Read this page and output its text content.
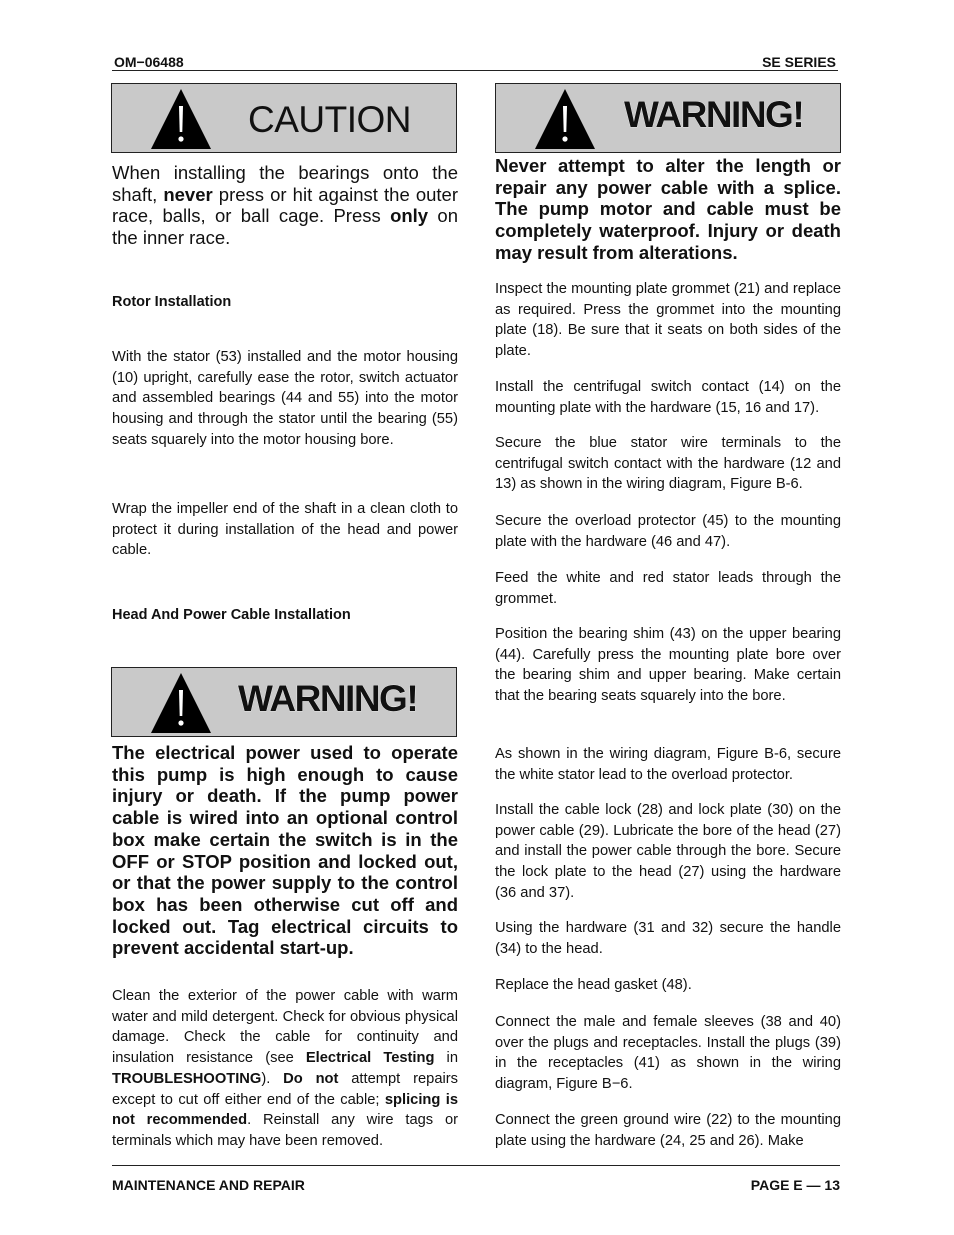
OM−06488	SE SERIES
CAUTION

When installing the bearings onto the shaft, never press or hit against the outer race, balls, or ball cage. Press only on the inner race.

Rotor Installation

With the stator (53) installed and the motor housing (10) upright, carefully ease the rotor, switch actuator and assembled bearings (44 and 55) into the motor housing and through the stator until the bearing (55) seats squarely into the motor housing bore.

Wrap the impeller end of the shaft in a clean cloth to protect it during installation of the head and power cable.

Head And Power Cable Installation

WARNING!

The electrical power used to operate this pump is high enough to cause injury or death. If the pump power cable is wired into an optional control box make certain the switch is in the OFF or STOP position and locked out, or that the power supply to the control box has been otherwise cut off and locked out. Tag electrical circuits to prevent accidental start-up.

Clean the exterior of the power cable with warm water and mild detergent. Check for obvious physical damage. Check the cable for continuity and insulation resistance (see Electrical Testing in TROUBLESHOOTING). Do not attempt repairs except to cut off either end of the cable; splicing is not recommended. Reinstall any wire tags or terminals which may have been removed.

WARNING!

Never attempt to alter the length or repair any power cable with a splice. The pump motor and cable must be completely waterproof. Injury or death may result from alterations.

Inspect the mounting plate grommet (21) and replace as required. Press the grommet into the mounting plate (18). Be sure that it seats on both sides of the plate.

Install the centrifugal switch contact (14) on the mounting plate with the hardware (15, 16 and 17).

Secure the blue stator wire terminals to the centrifugal switch contact with the hardware (12 and 13) as shown in the wiring diagram, Figure B-6.

Secure the overload protector (45) to the mounting plate with the hardware (46 and 47).

Feed the white and red stator leads through the grommet.

Position the bearing shim (43) on the upper bearing (44). Carefully press the mounting plate bore over the bearing shim and upper bearing. Make certain that the bearing seats squarely into the bore.

As shown in the wiring diagram, Figure B-6, secure the white stator lead to the overload protector.

Install the cable lock (28) and lock plate (30) on the power cable (29). Lubricate the bore of the head (27) and install the power cable through the bore. Secure the lock plate to the head (27) using the hardware (36 and 37).

Using the hardware (31 and 32) secure the handle (34) to the head.

Replace the head gasket (48).

Connect the male and female sleeves (38 and 40) over the plugs and receptacles. Install the plugs (39) in the receptacles (41) as shown in the wiring diagram, Figure B−6.

Connect the green ground wire (22) to the mounting plate using the hardware (24, 25 and 26). Make

MAINTENANCE AND REPAIR	PAGE E — 13
